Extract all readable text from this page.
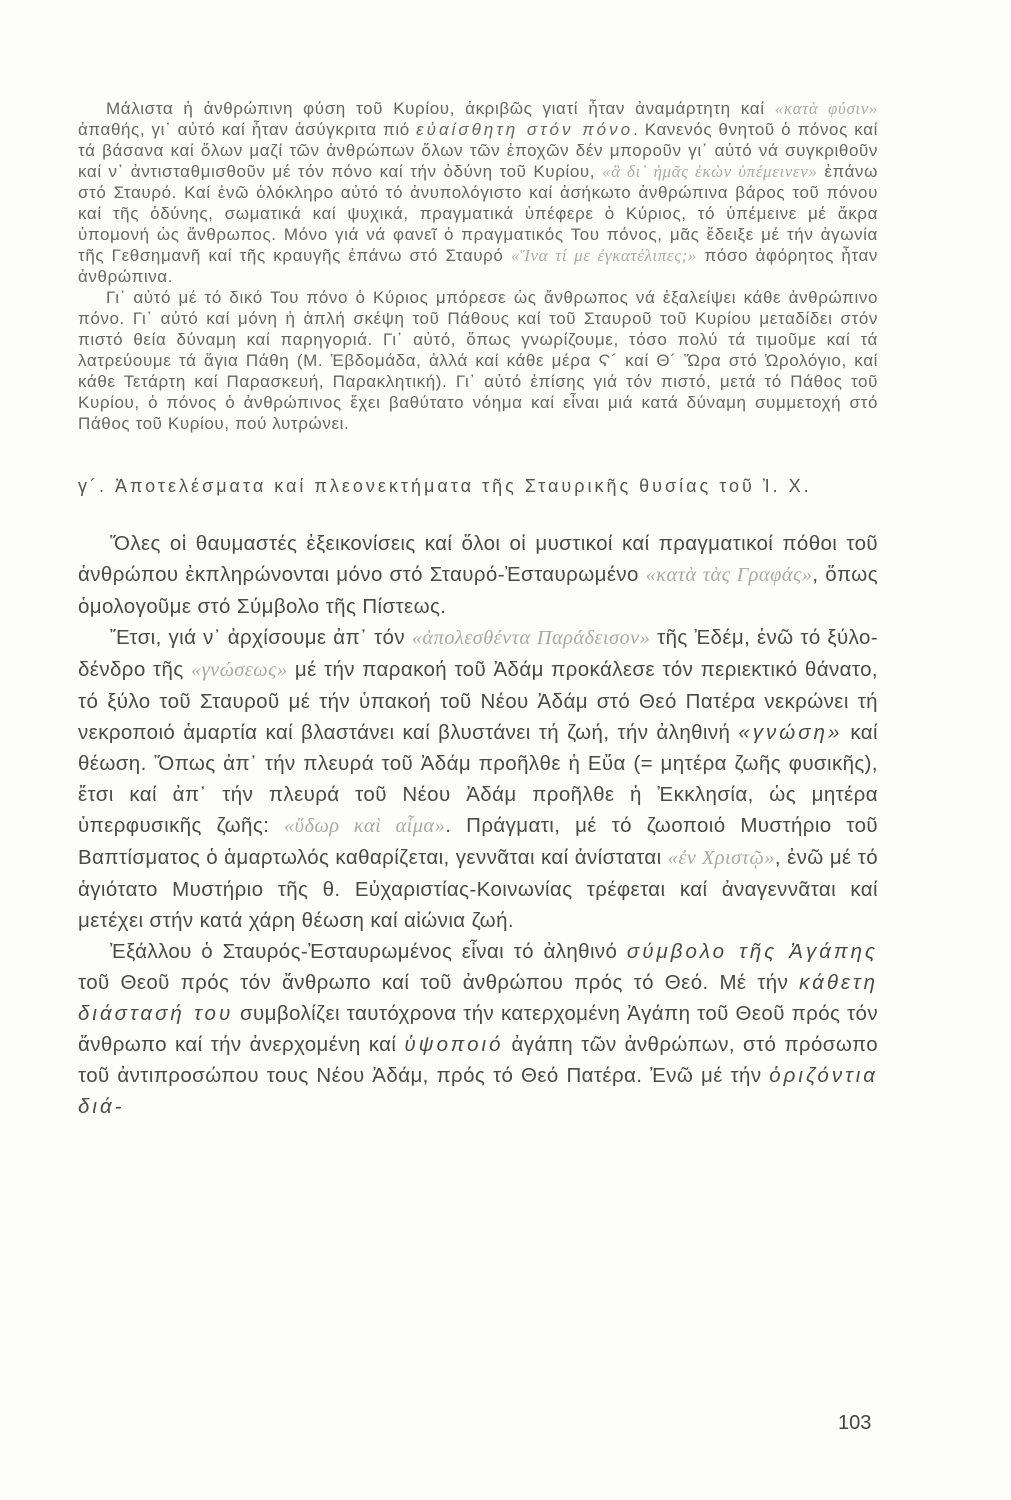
Μάλιστα ἡ ἀνθρώπινη φύση τοῦ Κυρίου, ἀκριβῶς γιατί ἦταν ἀναμάρτητη καί «κατὰ φύσιν» ἀπαθής, γι᾽ αὐτό καί ἦταν ἀσύγκριτα πιό εὐαίσθητη στόν πόνο. Κανενός θνητοῦ ὁ πόνος καί τά βάσανα καί ὅλων μαζί τῶν ἀνθρώπων ὅλων τῶν ἐποχῶν δέν μποροῦν γι᾽ αὐτό νά συγκριθοῦν καί ν᾽ ἀντισταθμισθοῦν μέ τόν πόνο καί τήν ὀδύνη τοῦ Κυρίου, «ἃ δι᾽ ἡμᾶς ἑκὼν ὑπέμεινεν» ἐπάνω στό Σταυρό. Καί ἐνῶ ὁλόκληρο αὐτό τό ἀνυπολόγιστο καί ἀσήκωτο ἀνθρώπινα βάρος τοῦ πόνου καί τῆς ὀδύνης, σωματικά καί ψυχικά, πραγματικά ὑπέφερε ὁ Κύριος, τό ὑπέμεινε μέ ἄκρα ὑπομονή ὡς ἄνθρωπος. Μόνο γιά νά φανεῖ ὁ πραγματικός Του πόνος, μᾶς ἔδειξε μέ τήν ἀγωνία τῆς Γεθσημανῆ καί τῆς κραυγῆς ἐπάνω στό Σταυρό «Ἵνα τί με ἐγκατέλιπες;» πόσο ἀφόρητος ἦταν ἀνθρώπινα.

Γι᾽ αὐτό μέ τό δικό Του πόνο ὁ Κύριος μπόρεσε ὡς ἄνθρωπος νά ἐξαλείψει κάθε ἀνθρώπινο πόνο. Γι᾽ αὐτό καί μόνη ἡ ἁπλή σκέψη τοῦ Πάθους καί τοῦ Σταυροῦ τοῦ Κυρίου μεταδίδει στόν πιστό θεία δύναμη καί παρηγοριά. Γι᾽ αὐτό, ὅπως γνωρίζουμε, τόσο πολύ τά τιμοῦμε καί τά λατρεύουμε τά ἅγια Πάθη (Μ. Ἑβδομάδα, ἀλλά καί κάθε μέρα Ϛ´ καί Θ´ Ὥρα στό Ὡρολόγιο, καί κάθε Τετάρτη καί Παρασκευή, Παρακλητική). Γι᾽ αὐτό ἐπίσης γιά τόν πιστό, μετά τό Πάθος τοῦ Κυρίου, ὁ πόνος ὁ ἀνθρώπινος ἔχει βαθύτατο νόημα καί εἶναι μιά κατά δύναμη συμμετοχή στό Πάθος τοῦ Κυρίου, πού λυτρώνει.

γ´. Ἀποτελέσματα καί πλεονεκτήματα τῆς Σταυρικῆς θυσίας τοῦ Ἰ. Χ.

Ὅλες οἱ θαυμαστές ἐξεικονίσεις καί ὅλοι οἱ μυστικοί καί πραγματικοί πόθοι τοῦ ἀνθρώπου ἐκπληρώνονται μόνο στό Σταυρό-Ἐσταυρωμένο «κατὰ τὰς Γραφάς», ὅπως ὁμολογοῦμε στό Σύμβολο τῆς Πίστεως.

Ἔτσι, γιά ν᾽ ἀρχίσουμε ἀπ᾽ τόν «ἀπολεσθέντα Παράδεισον» τῆς Ἐδέμ, ἐνῶ τό ξύλο-δένδρο τῆς «γνώσεως» μέ τήν παρακοή τοῦ Ἀδάμ προκάλεσε τόν περιεκτικό θάνατο, τό ξύλο τοῦ Σταυροῦ μέ τήν ὑπακοή τοῦ Νέου Ἀδάμ στό Θεό Πατέρα νεκρώνει τή νεκροποιό ἁμαρτία καί βλαστάνει καί βλυστάνει τή ζωή, τήν ἀληθινή «γνώση» καί θέωση. Ὅπως ἀπ᾽ τήν πλευρά τοῦ Ἀδάμ προῆλθε ἡ Εὔα (= μητέρα ζωῆς φυσικῆς), ἔτσι καί ἀπ᾽ τήν πλευρά τοῦ Νέου Ἀδάμ προῆλθε ἡ Ἐκκλησία, ὡς μητέρα ὑπερφυσικῆς ζωῆς: «ὕδωρ καὶ αἷμα». Πράγματι, μέ τό ζωοποιό Μυστήριο τοῦ Βαπτίσματος ὁ ἁμαρτωλός καθαρίζεται, γεννᾶται καί ἀνίσταται «ἐν Χριστῷ», ἐνῶ μέ τό ἁγιότατο Μυστήριο τῆς θ. Εὐχαριστίας-Κοινωνίας τρέφεται καί ἀναγεννᾶται καί μετέχει στήν κατά χάρη θέωση καί αἰώνια ζωή.

Ἐξάλλου ὁ Σταυρός-Ἐσταυρωμένος εἶναι τό ἀληθινό σύμβολο τῆς Ἀγάπης τοῦ Θεοῦ πρός τόν ἄνθρωπο καί τοῦ ἀνθρώπου πρός τό Θεό. Μέ τήν κάθετη διάστασή του συμβολίζει ταυτόχρονα τήν κατερχομένη Ἀγάπη τοῦ Θεοῦ πρός τόν ἄνθρωπο καί τήν ἀνερχομένη καί ὑψοποιό ἀγάπη τῶν ἀνθρώπων, στό πρόσωπο τοῦ ἀντιπροσώπου τους Νέου Ἀδάμ, πρός τό Θεό Πατέρα. Ἐνῶ μέ τήν ὁριζόντια διά-

103
